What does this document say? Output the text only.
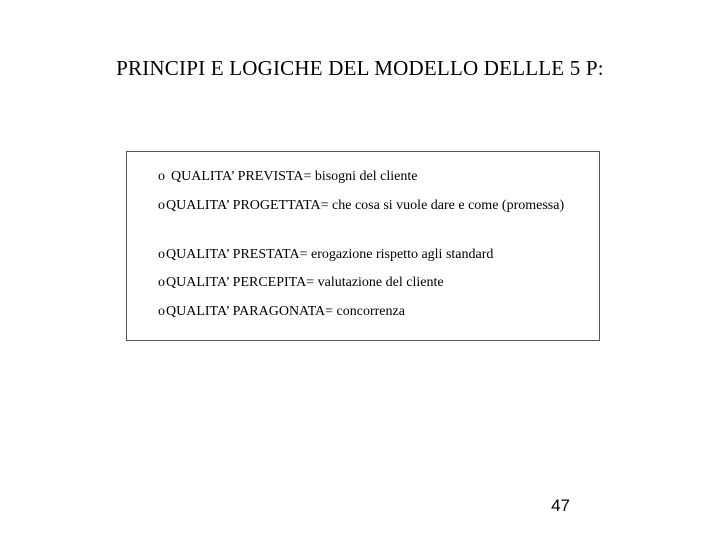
PRINCIPI E LOGICHE DEL MODELLO DELLLE 5 P:
o QUALITA’ PREVISTA= bisogni del cliente
oQUALITA’ PROGETTATA= che cosa si vuole dare e come (promessa)
oQUALITA’ PRESTATA= erogazione rispetto agli standard
oQUALITA’ PERCEPITA= valutazione del cliente
oQUALITA’ PARAGONATA= concorrenza
47
